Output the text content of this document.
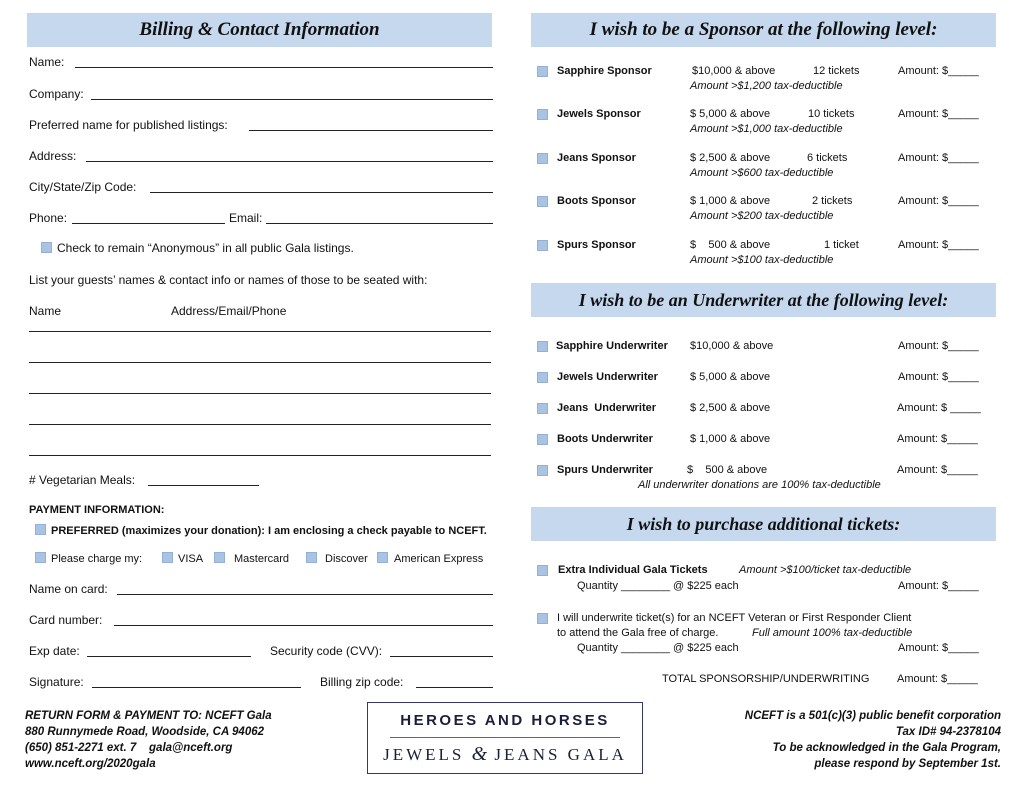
Billing & Contact Information
Name:
Company:
Preferred name for published listings:
Address:
City/State/Zip Code:
Phone:	Email:
Check to remain “Anonymous” in all public Gala listings.
List your guests’ names & contact info or names of those to be seated with:
Name	Address/Email/Phone
# Vegetarian Meals:
PAYMENT INFORMATION:
PREFERRED (maximizes your donation): I am enclosing a check payable to NCEFT.
Please charge my:	VISA	Mastercard	Discover American Express
Name on card:
Card number:
Exp date:	Security code (CVV):
Signature:	Billing zip code:
I wish to be a Sponsor at the following level:
Sapphire Sponsor	$10,000 & above	12 tickets	Amount: $_____
Amount >$1,200 tax-deductible
Jewels Sponsor	$ 5,000 & above	10 tickets	Amount: $_____
Amount >$1,000 tax-deductible
Jeans Sponsor	$ 2,500 & above	6 tickets	Amount: $_____
Amount >$600 tax-deductible
Boots Sponsor	$ 1,000 & above	2 tickets	Amount: $_____
Amount >$200 tax-deductible
Spurs Sponsor	$    500 & above	1 ticket	Amount: $_____
Amount >$100 tax-deductible
I wish to be an Underwriter at the following level:
Sapphire Underwriter $10,000 & above	Amount: $_____
Jewels Underwriter	$ 5,000 & above	Amount: $_____
Jeans  Underwriter	$ 2,500 & above	Amount: $ _____
Boots Underwriter	$ 1,000 & above	Amount: $_____
Spurs Underwriter	$    500 & above	Amount: $_____
All underwriter donations are 100% tax-deductible
I wish to purchase additional tickets:
Extra Individual Gala Tickets	Amount >$100/ticket tax-deductible
Quantity ________ @ $225 each	Amount: $_____
I will underwrite ticket(s) for an NCEFT Veteran or First Responder Client
to attend the Gala free of charge.	Full amount 100% tax-deductible
Quantity ________ @ $225 each	Amount: $_____
TOTAL SPONSORSHIP/UNDERWRITING	Amount: $_____
RETURN FORM & PAYMENT TO: NCEFT Gala
880 Runnymede Road, Woodside, CA 94062
(650) 851-2271 ext. 7    gala@nceft.org
www.nceft.org/2020gala
HEROES AND HORSES
JEWELS & JEANS GALA
NCEFT is a 501(c)(3) public benefit corporation
Tax ID# 94-2378104
To be acknowledged in the Gala Program,
please respond by September 1st.
